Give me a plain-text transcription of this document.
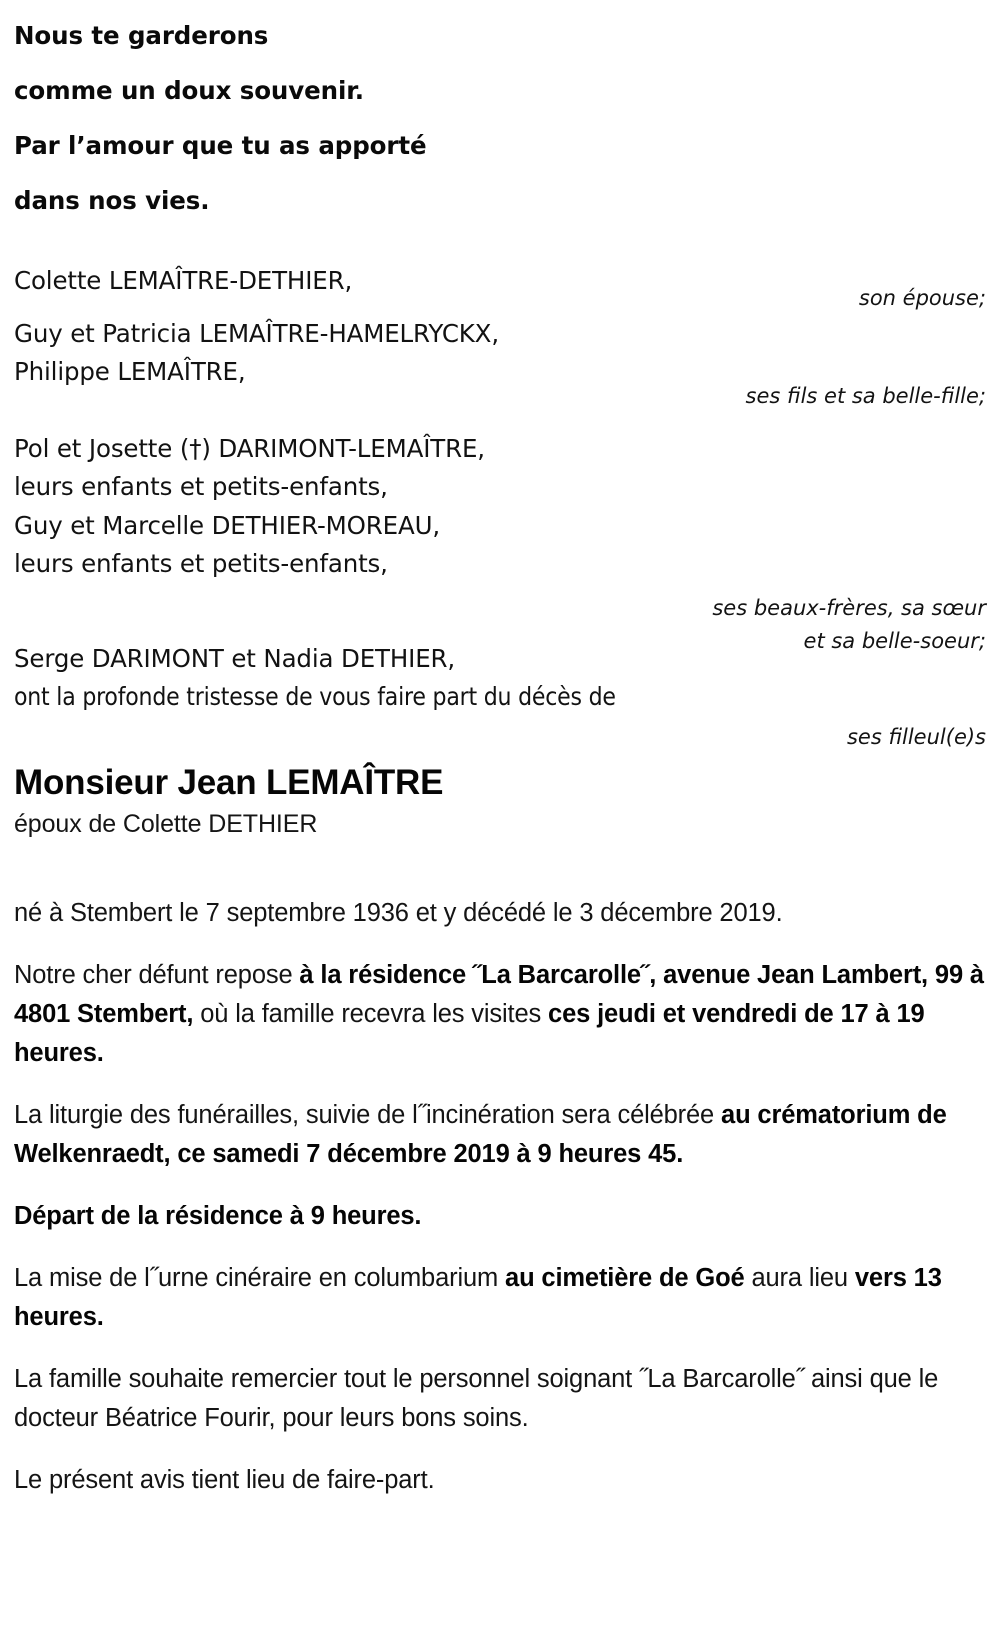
Nous te garderons
comme un doux souvenir.
Par l’amour que tu as apporté
dans nos vies.
Colette LEMAÎTRE-DETHIER,
Guy et Patricia LEMAÎTRE-HAMELRYCKX,
Philippe LEMAÎTRE,
Pol et Josette (†) DARIMONT-LEMAÎTRE,
leurs enfants et petits-enfants,
Guy et Marcelle DETHIER-MOREAU,
leurs enfants et petits-enfants,
Serge DARIMONT et Nadia DETHIER,
son épouse;
ses fils et sa belle-fille;
ses beaux-frères, sa sœur et sa belle-soeur;
ses filleul(e)s
ont la profonde tristesse de vous faire part du décès de
Monsieur Jean LEMAÎTRE
époux de Colette DETHIER
né à Stembert le 7 septembre 1936 et y décédé le 3 décembre 2019.
Notre cher défunt repose à la résidence ˝La Barcarolle˝, avenue Jean Lambert, 99 à 4801 Stembert, où la famille recevra les visites ces jeudi et vendredi de 17 à 19 heures.
La liturgie des funérailles, suivie de l˝incinération sera célébrée au crématorium de Welkenraedt, ce samedi 7 décembre 2019 à 9 heures 45.
Départ de la résidence à 9 heures.
La mise de l˝urne cinéraire en columbarium au cimetière de Goé aura lieu vers 13 heures.
La famille souhaite remercier tout le personnel soignant ˝La Barcarolle˝ ainsi que le docteur Béatrice Fourir, pour leurs bons soins.
Le présent avis tient lieu de faire-part.
